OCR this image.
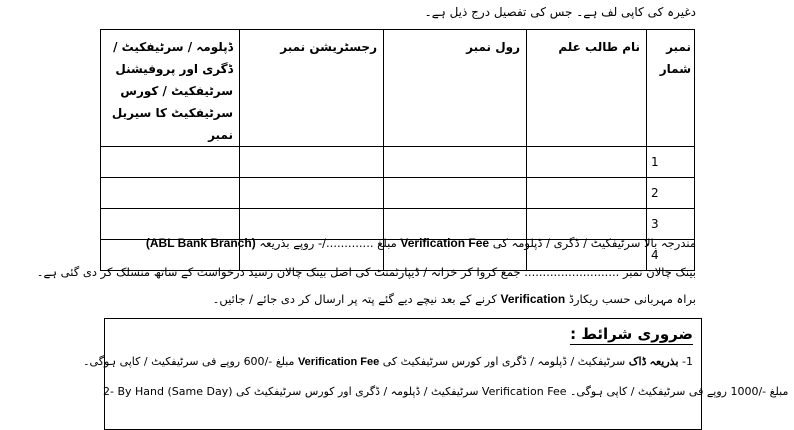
دغیرہ کی کاپی لف ہے۔ جس کی تفصیل درج ذیل ہے۔
نمبر شمار	نام طالب علم	رول نمبر	رجسٹریشن نمبر	ڈپلومہ / سرٹیفکیٹ / ڈگری اور پروفیشنل سرٹیفکیٹ / کورس سرٹیفکیٹ کا سیریل نمبر
1				
2				
3				
4				
مندرجہ بالا سرٹیفکیٹ / ڈگری / ڈپلومہ کی Verification Fee مبلغ ............./- روپے بذریعہ (ABL Bank Branch)
بینک چالان نمبر .......................... جمع کروا کر خزانہ / ڈیپارٹمنٹ کی اصل بینک چالان رسید درخواست کے ساتھ منسلک کر دی گئی ہے۔
براہ مہربانی حسب ریکارڈ Verification کرنے کے بعد نیچے دیے گئے پتہ پر ارسال کر دی جائے / جائیں۔
ضروری شرائط :
1- بذریعہ ڈاک سرٹیفکیٹ / ڈپلومہ / ڈگری اور کورس سرٹیفکیٹ کی Verification Fee مبلغ -/600 روپے فی سرٹیفکیٹ / کاپی ہوگی۔
2- By Hand (Same Day) سرٹیفکیٹ / ڈپلومہ / ڈگری اور کورس سرٹیفکیٹ کی Verification Fee مبلغ -/1000 روپے فی سرٹیفکیٹ / کاپی ہوگی۔
